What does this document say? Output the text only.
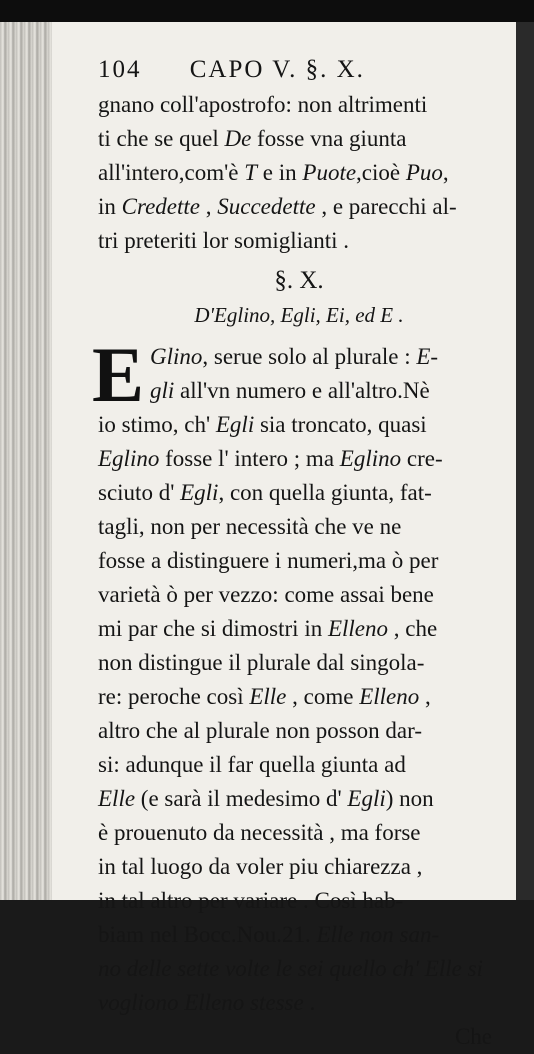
104 CAPO V. §. X.
gnano coll'apostrofo: non altrimenti
ti che se quel De fosse vna giunta
all'intero,com'è T e in Puote,cioè Puo,
in Credette , Succedette , e parecchi al-
tri preteriti lor somiglianti .
§. X.
D'Eglino, Egli, Ei, ed E .
E Glino, serue solo al plurale : E-
gli all'vn numero e all'altro.Nè
io stimo, ch' Egli sia troncato, quasi
Eglino fosse l' intero ; ma Eglino cre-
sciuto d' Egli, con quella giunta, fat-
tagli, non per necessità che ve ne
fosse a distinguere i numeri,ma ò per
varietà ò per vezzo: come assai bene
mi par che si dimostri in Elleno , che
non distingue il plurale dal singola-
re: peroche così Elle , come Elleno ,
altro che al plurale non posson dar-
si: adunque il far quella giunta ad
Elle (e sarà il medesimo d' Egli) non
è prouenuto da necessità , ma forse
in tal luogo da voler piu chiarezza ,
in tal altro per variare . Così hab-
biam nel Bocc.Nou.21. Elle non san-
no delle sette volte le sei quello ch' Elle si
vogliono Elleno stesse .
Che
